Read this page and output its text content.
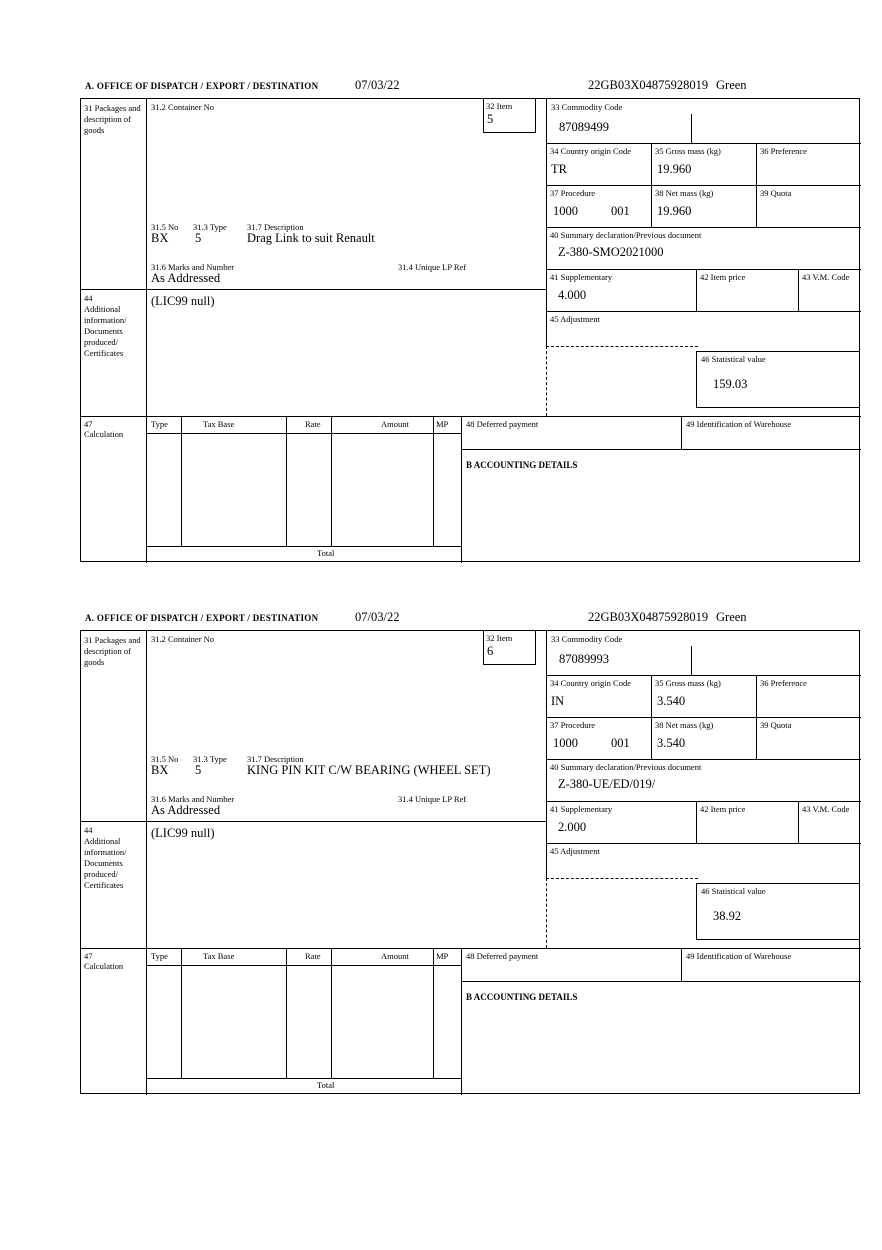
A. OFFICE OF DISPATCH / EXPORT / DESTINATION	07/03/22	22GB03X04875928019 Green
31 Packages and description of goods
44
Additional information/ Documents produced/ Certificates
47
Calculation
31.2 Container No	32 Item
5
31.5 No 31.3 Type 31.7 Description
BX 5	Drag Link to suit Renault
31.6 Marks and Number	31.4 Unique LP Ref
As Addressed
(LIC99 null)
33 Commodity Code
87089499
34 Country origin Code
TR
35 Gross mass (kg)
19.960
36 Preference
37 Procedure
1000	001
38 Net mass (kg)
19.960
39 Quota
40 Summary declaration/Previous document
Z-380-SMO2021000
41 Supplementary
4.000
42 Item price	43 V.M. Code
45 Adjustment
46 Statistical value
159.03
Type	Tax Base	Rate	Amount	MP
Total
48 Deferred payment	49 Identification of Warehouse
B ACCOUNTING DETAILS
A. OFFICE OF DISPATCH / EXPORT / DESTINATION	07/03/22	22GB03X04875928019 Green
31 Packages and description of goods
44
Additional information/ Documents produced/ Certificates
47
Calculation
31.2 Container No	32 Item
6
31.5 No 31.3 Type 31.7 Description
BX 5	KING PIN KIT C/W BEARING (WHEEL SET)
31.6 Marks and Number	31.4 Unique LP Ref
As Addressed
(LIC99 null)
33 Commodity Code
87089993
34 Country origin Code
IN
35 Gross mass (kg)
3.540
36 Preference
37 Procedure
1000	001
38 Net mass (kg)
3.540
39 Quota
40 Summary declaration/Previous document
Z-380-UE/ED/019/
41 Supplementary
2.000
42 Item price	43 V.M. Code
45 Adjustment
46 Statistical value
38.92
Type	Tax Base	Rate	Amount	MP
Total
48 Deferred payment	49 Identification of Warehouse
B ACCOUNTING DETAILS
